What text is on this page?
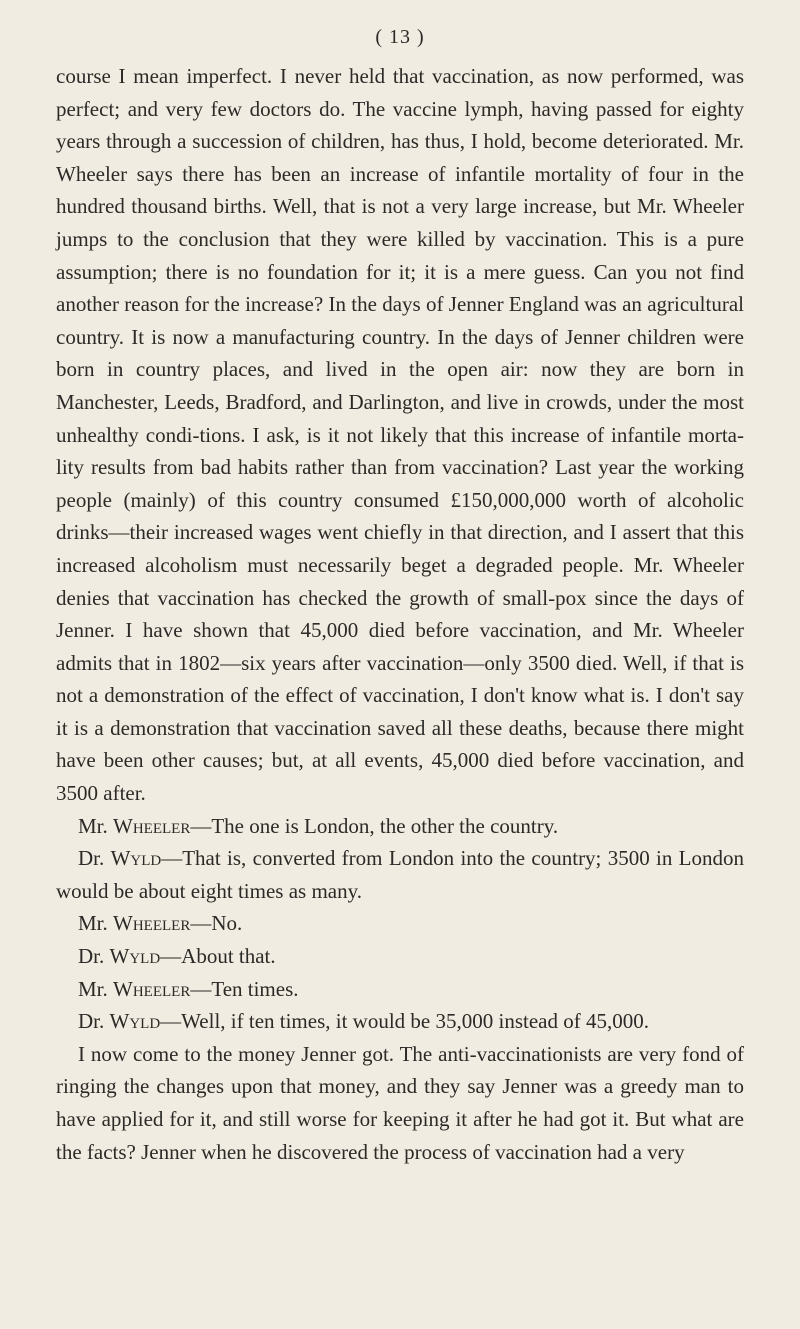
( 13 )

course I mean imperfect. I never held that vaccination, as now performed, was perfect; and very few doctors do. The vaccine lymph, having passed for eighty years through a succession of children, has thus, I hold, become deteriorated. Mr. Wheeler says there has been an increase of infantile mortality of four in the hundred thousand births. Well, that is not a very large increase, but Mr. Wheeler jumps to the conclusion that they were killed by vaccination. This is a pure assumption; there is no foundation for it; it is a mere guess. Can you not find another reason for the increase? In the days of Jenner England was an agricultural country. It is now a manufacturing country. In the days of Jenner children were born in country places, and lived in the open air: now they are born in Manchester, Leeds, Bradford, and Darlington, and live in crowds, under the most unhealthy condi-tions. I ask, is it not likely that this increase of infantile morta-lity results from bad habits rather than from vaccination? Last year the working people (mainly) of this country consumed £150,000,000 worth of alcoholic drinks—their increased wages went chiefly in that direction, and I assert that this increased alcoholism must necessarily beget a degraded people. Mr. Wheeler denies that vaccination has checked the growth of small-pox since the days of Jenner. I have shown that 45,000 died before vaccination, and Mr. Wheeler admits that in 1802—six years after vaccination—only 3500 died. Well, if that is not a demonstration of the effect of vaccination, I don't know what is. I don't say it is a demonstration that vaccination saved all these deaths, because there might have been other causes; but, at all events, 45,000 died before vaccination, and 3500 after.

Mr. Wheeler—The one is London, the other the country.

Dr. Wyld—That is, converted from London into the country; 3500 in London would be about eight times as many.

Mr. Wheeler—No.

Dr. Wyld—About that.

Mr. Wheeler—Ten times.

Dr. Wyld—Well, if ten times, it would be 35,000 instead of 45,000.

I now come to the money Jenner got. The anti-vaccinationists are very fond of ringing the changes upon that money, and they say Jenner was a greedy man to have applied for it, and still worse for keeping it after he had got it. But what are the facts? Jenner when he discovered the process of vaccination had a very
